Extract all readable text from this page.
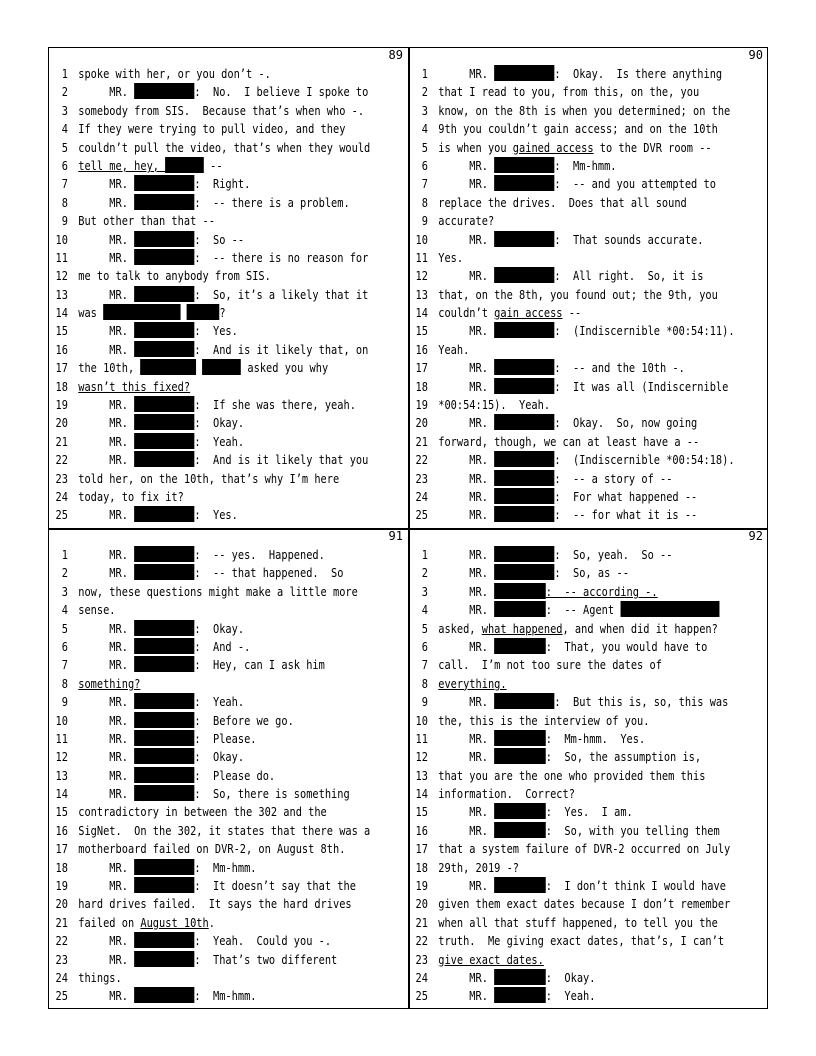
89
1 spoke with her, or you don’t -.
2     MR.	:  No.  I believe I spoke to
3 somebody from SIS.  Because that’s when who -.
4 If they were trying to pull video, and they
5 couldn’t pull the video, that’s when they would
6 tell me, hey,	--
7     MR.	:  Right.
8     MR.	:  -- there is a problem.
9 But other than that --
10     MR.	:  So --
11     MR.	:  -- there is no reason for
12 me to talk to anybody from SIS.
13     MR.	:  So, it’s a likely that it
14 was	?
15     MR.	:  Yes.
16     MR.	:  And is it likely that, on
17 the 10th,	asked you why
18 wasn’t this fixed?
19     MR.	:  If she was there, yeah.
20     MR.	:  Okay.
21     MR.	:  Yeah.
22     MR.	:  And is it likely that you
23 told her, on the 10th, that’s why I’m here
24 today, to fix it?
25     MR.	:  Yes.
90
1     MR.	:  Okay.  Is there anything
2 that I read to you, from this, on the, you
3 know, on the 8th is when you determined; on the
4 9th you couldn’t gain access; and on the 10th
5 is when you gained access to the DVR room --
6     MR.	:  Mm-hmm.
7     MR.	:  -- and you attempted to
8 replace the drives.  Does that all sound
9 accurate?
10     MR.	:  That sounds accurate.
11 Yes.
12     MR.	:  All right.  So, it is
13 that, on the 8th, you found out; the 9th, you
14 couldn’t gain access --
15     MR.	:  (Indiscernible *00:54:11).
16 Yeah.
17     MR.	:  -- and the 10th -.
18     MR.	:  It was all (Indiscernible
19 *00:54:15).  Yeah.
20     MR.	:  Okay.  So, now going
21 forward, though, we can at least have a --
22     MR.	:  (Indiscernible *00:54:18).
23     MR.	:  -- a story of --
24     MR.	:  For what happened --
25     MR.	:  -- for what it is --
91
1     MR.	:  -- yes.  Happened.
2     MR.	:  -- that happened.  So
3 now, these questions might make a little more
4 sense.
5     MR.	:  Okay.
6     MR.	:  And -.
7     MR.	:  Hey, can I ask him
8 something?
9     MR.	:  Yeah.
10     MR.	:  Before we go.
11     MR.	:  Please.
12     MR.	:  Okay.
13     MR.	:  Please do.
14     MR.	:  So, there is something
15 contradictory in between the 302 and the
16 SigNet.  On the 302, it states that there was a
17 motherboard failed on DVR-2, on August 8th.
18     MR.	:  Mm-hmm.
19     MR.	:  It doesn’t say that the
20 hard drives failed.  It says the hard drives
21 failed on August 10th.
22     MR.	:  Yeah.  Could you -.
23     MR.	:  That’s two different
24 things.
25     MR.	:  Mm-hmm.
92
1     MR.	:  So, yeah.  So --
2     MR.	:  So, as --
3     MR.	:  -- according -.
4     MR.	:  -- Agent
5 asked, what happened, and when did it happen?
6     MR.	:  That, you would have to
7 call.  I’m not too sure the dates of
8 everything.
9     MR.	:  But this is, so, this was
10 the, this is the interview of you.
11     MR.	:  Mm-hmm.  Yes.
12     MR.	:  So, the assumption is,
13 that you are the one who provided them this
14 information.  Correct?
15     MR.	:  Yes.  I am.
16     MR.	:  So, with you telling them
17 that a system failure of DVR-2 occurred on July
18 29th, 2019 -?
19     MR.	:  I don’t think I would have
20 given them exact dates because I don’t remember
21 when all that stuff happened, to tell you the
22 truth.  Me giving exact dates, that’s, I can’t
23 give exact dates.
24     MR.	:  Okay.
25     MR.	:  Yeah.
